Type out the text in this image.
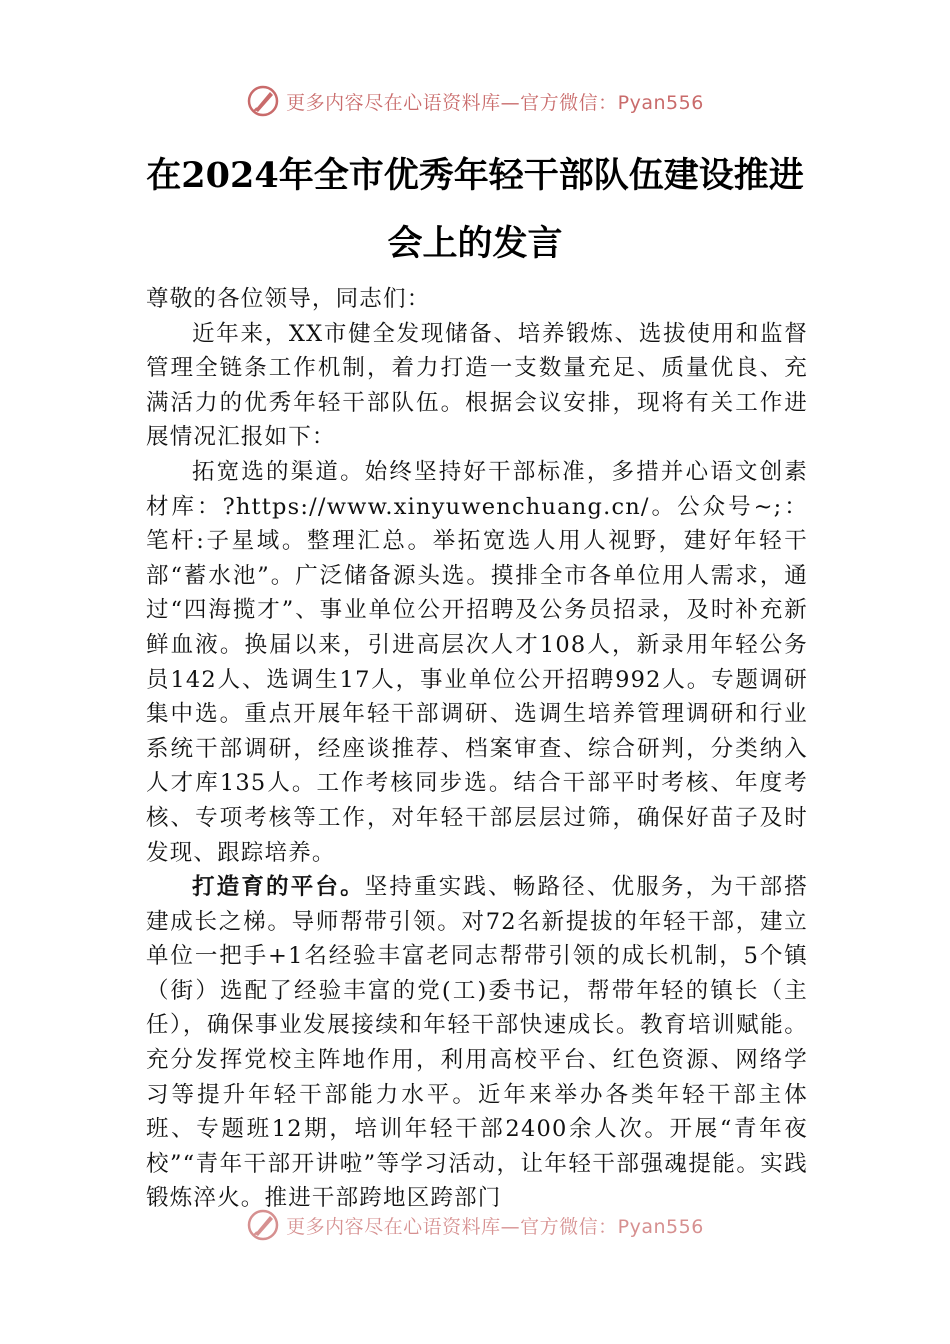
更多内容尽在心语资料库—官方微信：Pyan556
在2024年全市优秀年轻干部队伍建设推进
会上的发言

尊敬的各位领导，同志们：

近年来，XX市健全发现储备、培养锻炼、选拔使用和监督管理全链条工作机制，着力打造一支数量充足、质量优良、充满活力的优秀年轻干部队伍。根据会议安排，现将有关工作进展情况汇报如下：

拓宽选的渠道。始终坚持好干部标准，多措并心语文创素材库：?https://www.xinyuwenchuang.cn/。公众号~;：笔杆:子星域。整理汇总。举拓宽选人用人视野，建好年轻干部“蓄水池”。广泛储备源头选。摸排全市各单位用人需求，通过“四海揽才”、事业单位公开招聘及公务员招录，及时补充新鲜血液。换届以来，引进高层次人才108人，新录用年轻公务员142人、选调生17人，事业单位公开招聘992人。专题调研集中选。重点开展年轻干部调研、选调生培养管理调研和行业系统干部调研，经座谈推荐、档案审查、综合研判，分类纳入人才库135人。工作考核同步选。结合干部平时考核、年度考核、专项考核等工作，对年轻干部层层过筛，确保好苗子及时发现、跟踪培养。

打造育的平台。坚持重实践、畅路径、优服务，为干部搭建成长之梯。导师帮带引领。对72名新提拔的年轻干部，建立单位一把手+1名经验丰富老同志帮带引领的成长机制，5个镇（街）选配了经验丰富的党(工)委书记，帮带年轻的镇长（主任），确保事业发展接续和年轻干部快速成长。教育培训赋能。充分发挥党校主阵地作用，利用高校平台、红色资源、网络学习等提升年轻干部能力水平。近年来举办各类年轻干部主体班、专题班12期，培训年轻干部2400余人次。开展“青年夜校”“青年干部开讲啦”等学习活动，让年轻干部强魂提能。实践锻炼淬火。推进干部跨地区跨部门

更多内容尽在心语资料库—官方微信：Pyan556
